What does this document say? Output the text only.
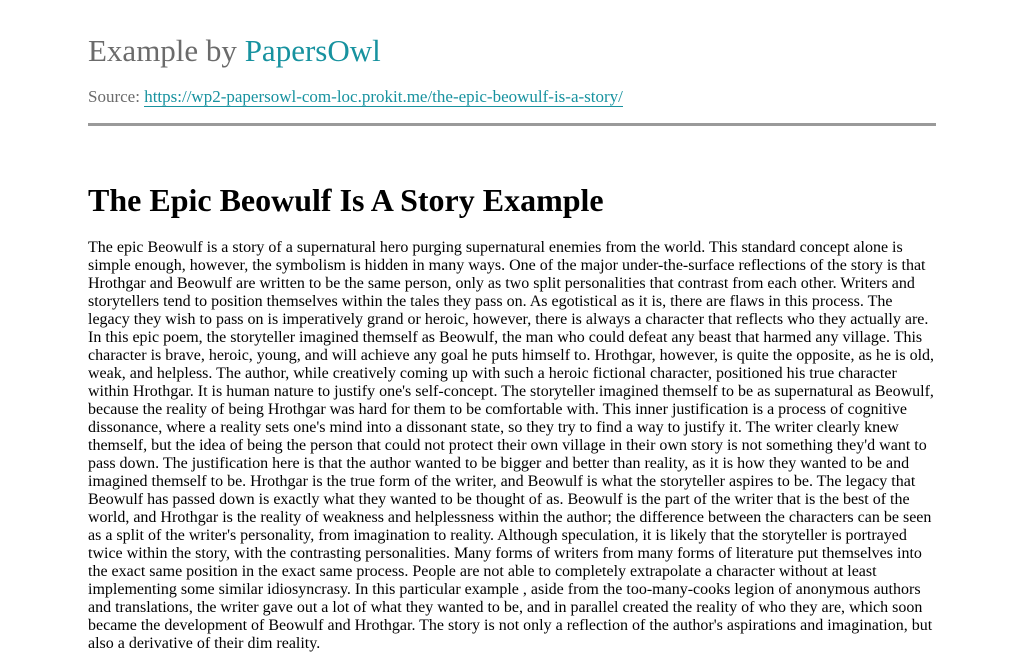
Example by PapersOwl

Source: https://wp2-papersowl-com-loc.prokit.me/the-epic-beowulf-is-a-story/
The Epic Beowulf Is A Story Example

The epic Beowulf is a story of a supernatural hero purging supernatural enemies from the world. This standard concept alone is simple enough, however, the symbolism is hidden in many ways. One of the major under-the-surface reflections of the story is that Hrothgar and Beowulf are written to be the same person, only as two split personalities that contrast from each other. Writers and storytellers tend to position themselves within the tales they pass on. As egotistical as it is, there are flaws in this process. The legacy they wish to pass on is imperatively grand or heroic, however, there is always a character that reflects who they actually are. In this epic poem, the storyteller imagined themself as Beowulf, the man who could defeat any beast that harmed any village. This character is brave, heroic, young, and will achieve any goal he puts himself to. Hrothgar, however, is quite the opposite, as he is old, weak, and helpless. The author, while creatively coming up with such a heroic fictional character, positioned his true character within Hrothgar. It is human nature to justify one's self-concept. The storyteller imagined themself to be as supernatural as Beowulf, because the reality of being Hrothgar was hard for them to be comfortable with. This inner justification is a process of cognitive dissonance, where a reality sets one's mind into a dissonant state, so they try to find a way to justify it. The writer clearly knew themself, but the idea of being the person that could not protect their own village in their own story is not something they'd want to pass down. The justification here is that the author wanted to be bigger and better than reality, as it is how they wanted to be and imagined themself to be. Hrothgar is the true form of the writer, and Beowulf is what the storyteller aspires to be. The legacy that Beowulf has passed down is exactly what they wanted to be thought of as. Beowulf is the part of the writer that is the best of the world, and Hrothgar is the reality of weakness and helplessness within the author; the difference between the characters can be seen as a split of the writer's personality, from imagination to reality. Although speculation, it is likely that the storyteller is portrayed twice within the story, with the contrasting personalities. Many forms of writers from many forms of literature put themselves into the exact same position in the exact same process. People are not able to completely extrapolate a character without at least implementing some similar idiosyncrasy. In this particular example , aside from the too-many-cooks legion of anonymous authors and translations, the writer gave out a lot of what they wanted to be, and in parallel created the reality of who they are, which soon became the development of Beowulf and Hrothgar. The story is not only a reflection of the author's aspirations and imagination, but also a derivative of their dim reality.
